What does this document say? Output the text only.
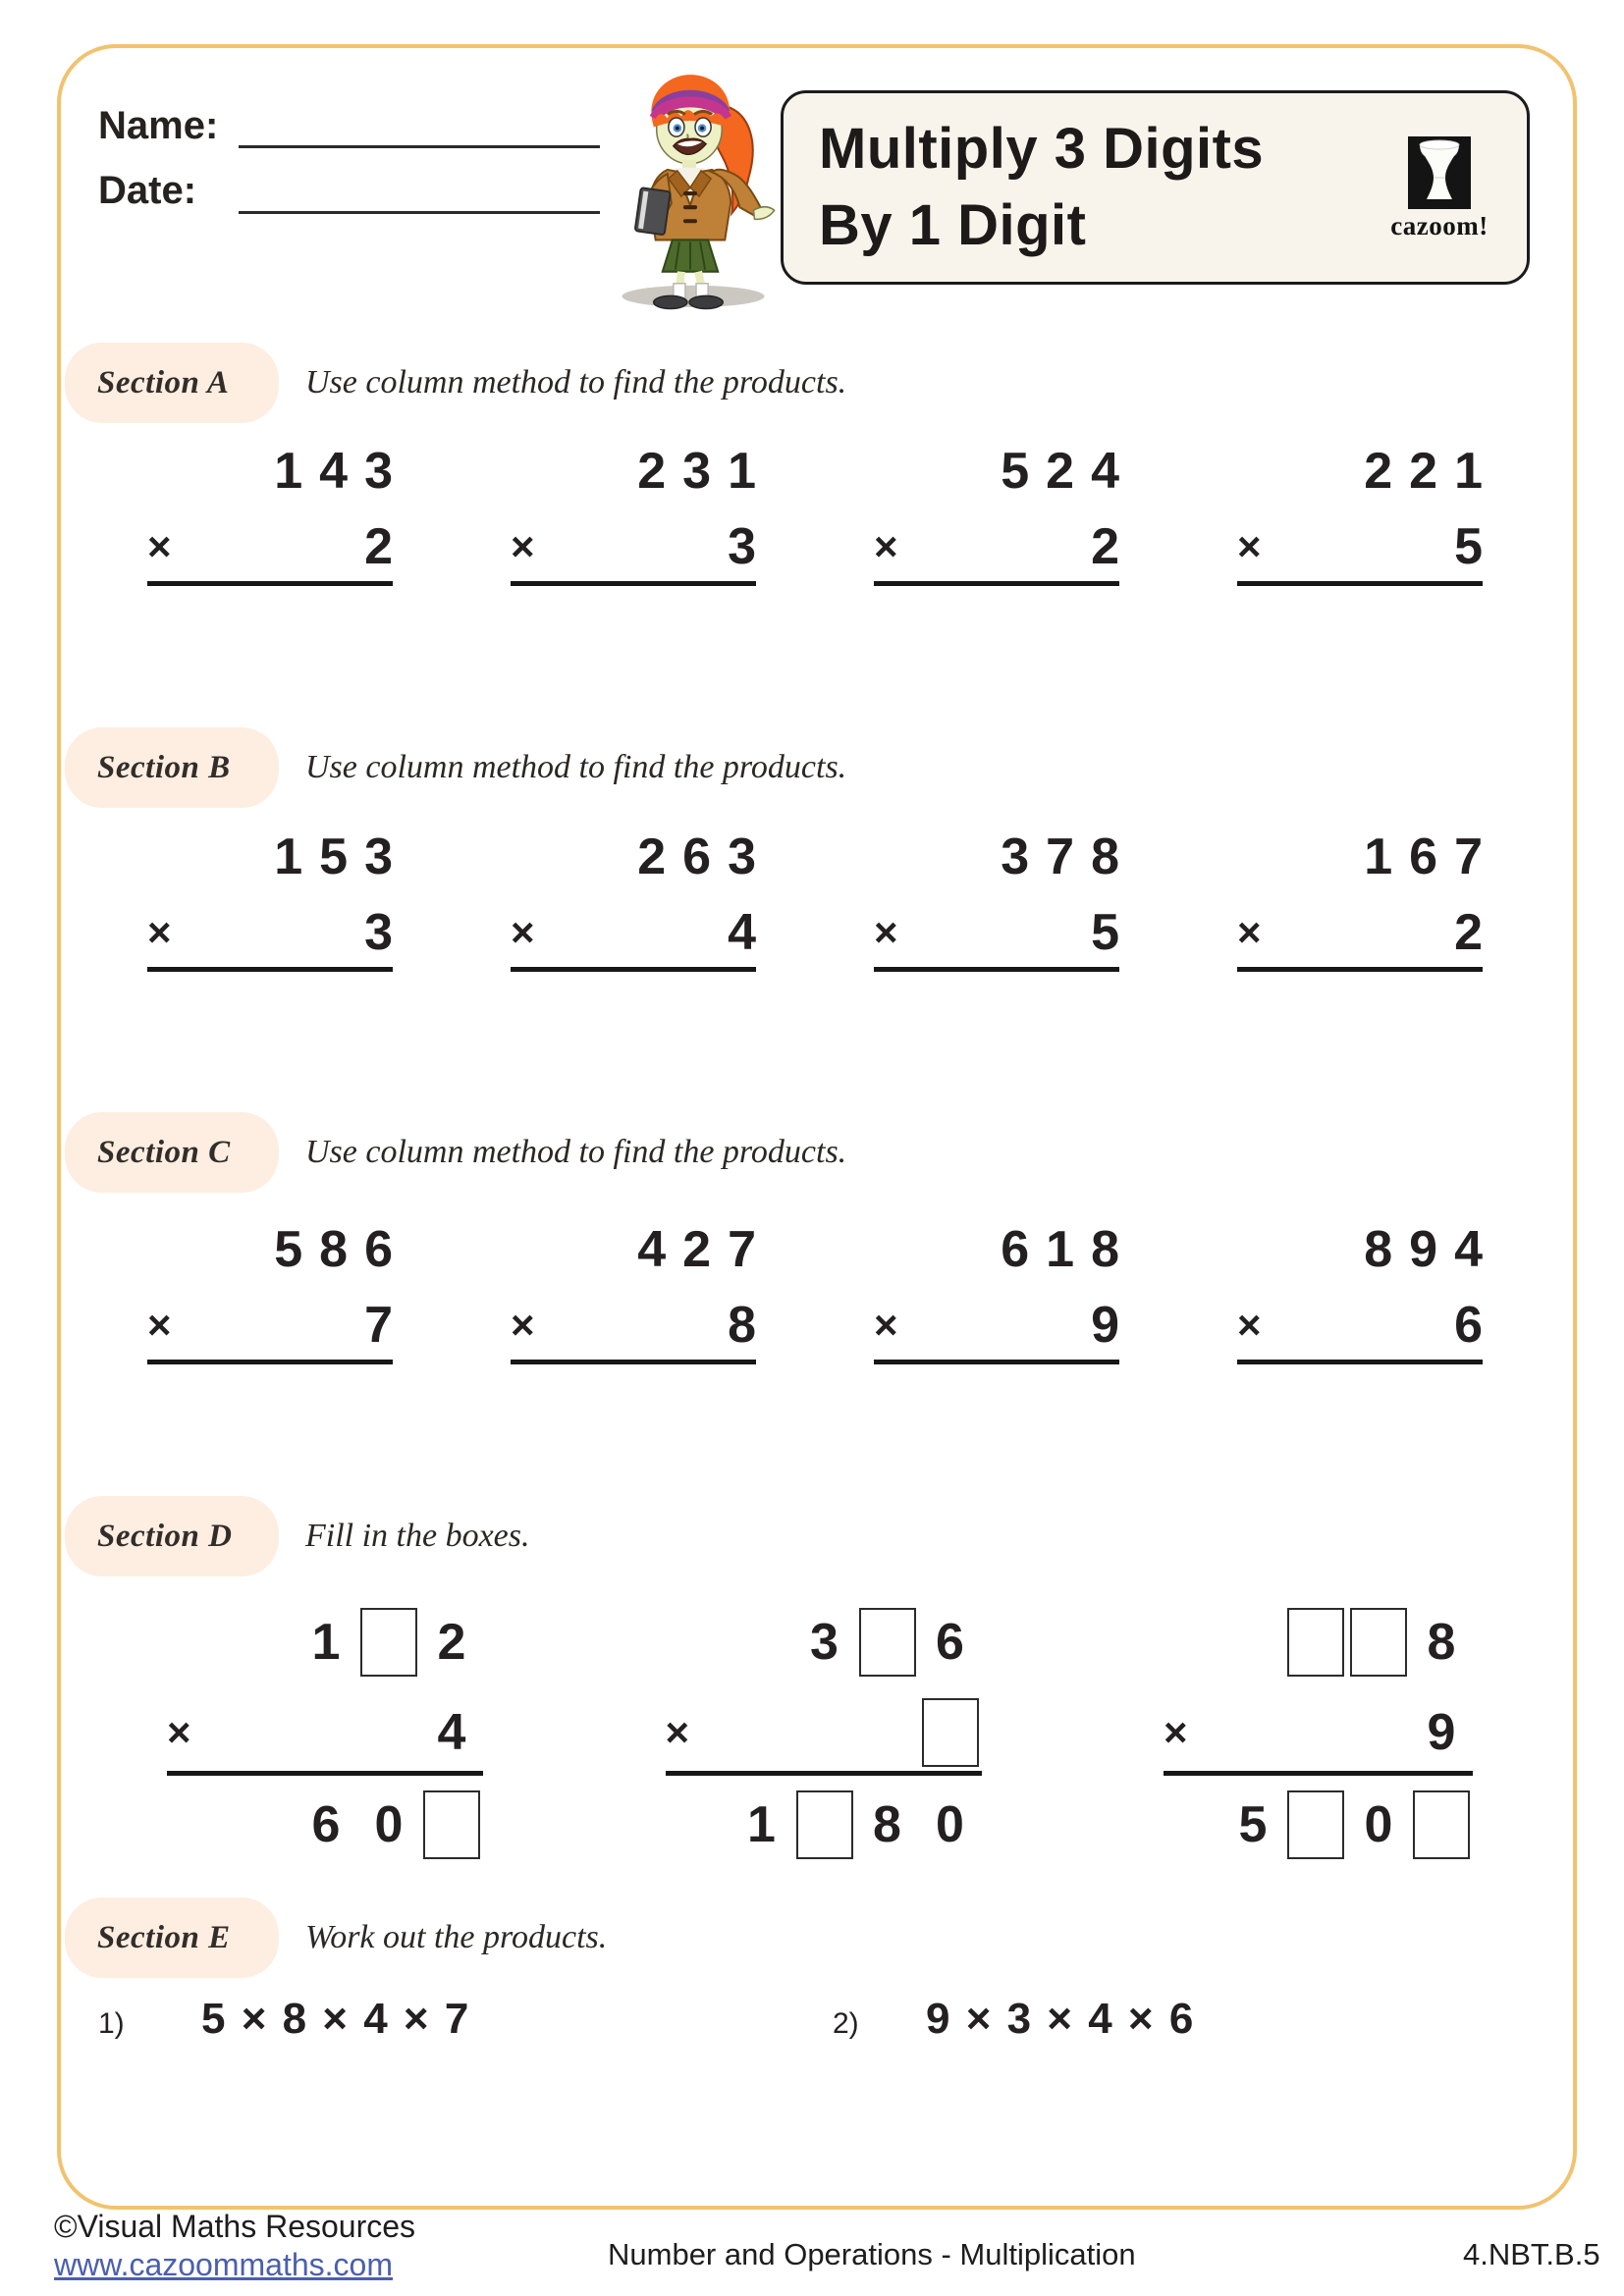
Name:
Date:
Multiply 3 Digits
By 1 Digit	cazoom!
Section A Use column method to find the products.
Section B Use column method to find the products.
Section C Use column method to find the products.
Section D Fill in the boxes.
Section E Work out the products.
143
×	2
231
×	3
524
×	2
221
×	5
153
×	3
263
×	4
378
×	5
167
×	2
586
×	7
427
×	8
618
×	9
894
×	6
1	2
×	4
6 0
3	6
×
1	8 0
8
×	9
5	0
1)	5 × 8 × 4 × 7	2)	9 × 3 × 4 × 6
©Visual Maths Resources
www.cazoommaths.com	Number and Operations - Multiplication	4.NBT.B.5
